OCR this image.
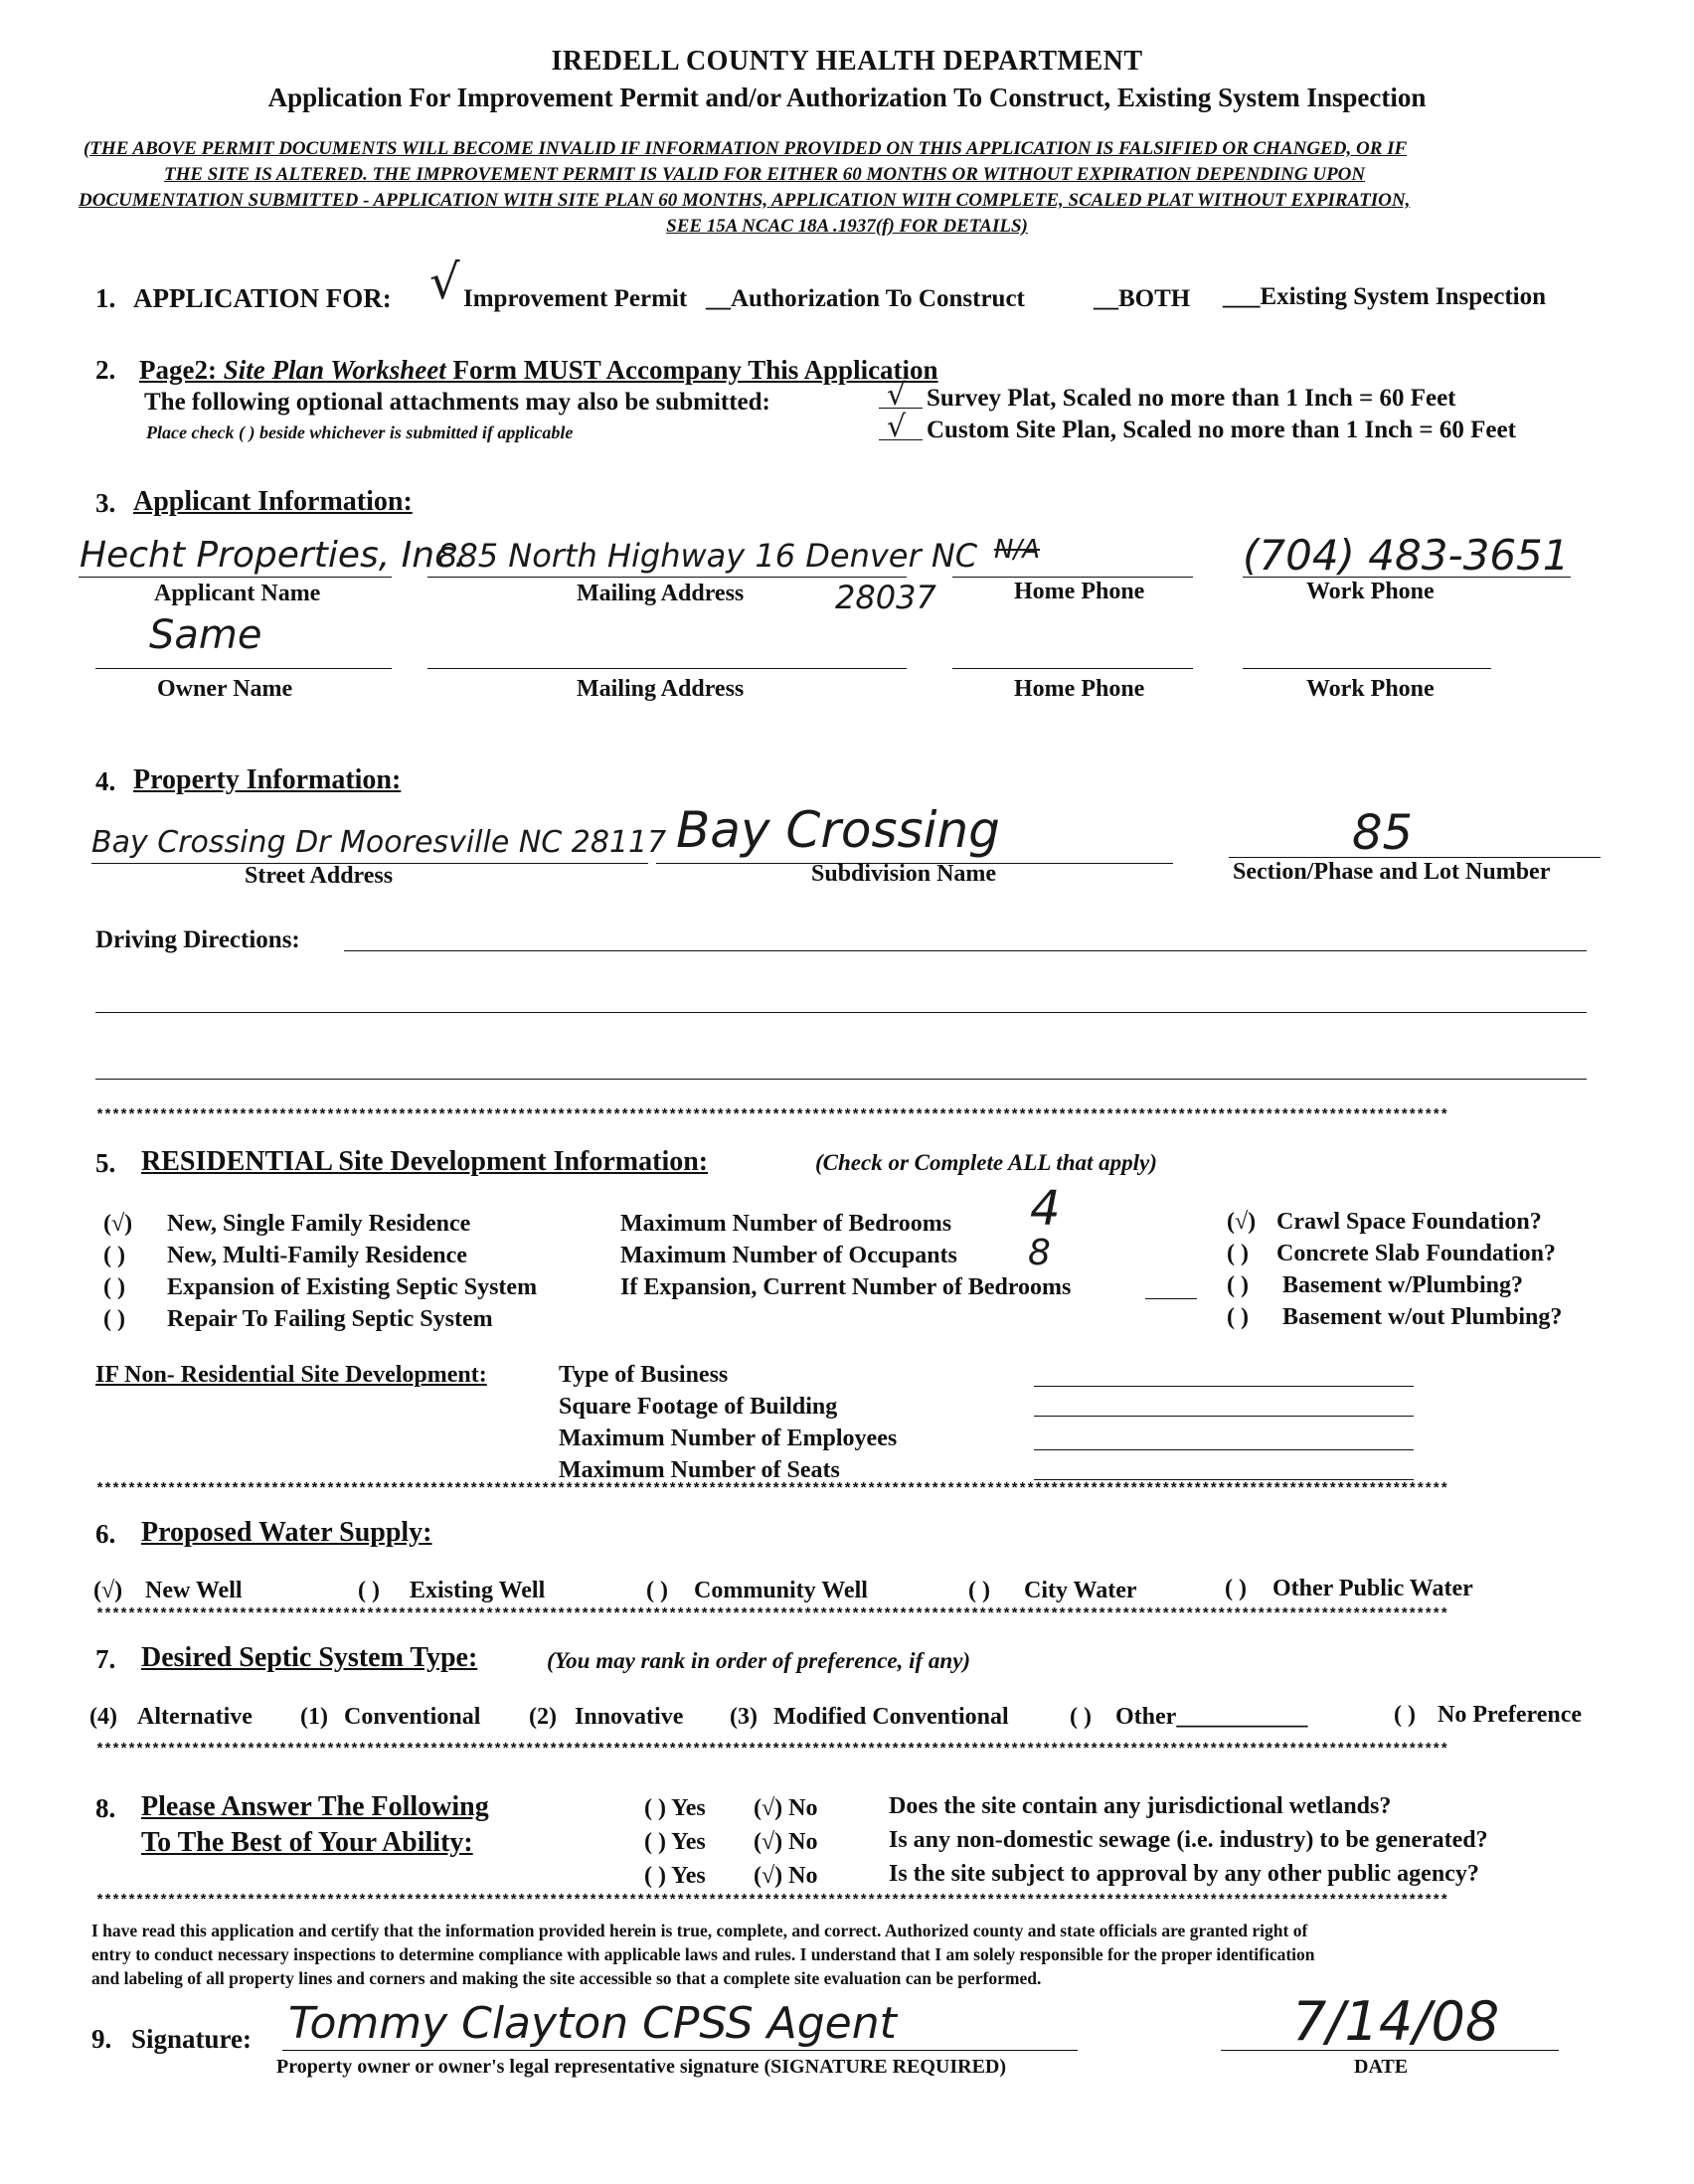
IREDELL COUNTY HEALTH DEPARTMENT
Application For Improvement Permit and/or Authorization To Construct, Existing System Inspection
(THE ABOVE PERMIT DOCUMENTS WILL BECOME INVALID IF INFORMATION PROVIDED ON THIS APPLICATION IS FALSIFIED OR CHANGED, OR IF
THE SITE IS ALTERED. THE IMPROVEMENT PERMIT IS VALID FOR EITHER 60 MONTHS OR WITHOUT EXPIRATION DEPENDING UPON
DOCUMENTATION SUBMITTED - APPLICATION WITH SITE PLAN 60 MONTHS, APPLICATION WITH COMPLETE, SCALED PLAT WITHOUT EXPIRATION,
SEE 15A NCAC 18A .1937(f) FOR DETAILS)
1. APPLICATION FOR: √ Improvement Permit __Authorization To Construct	__BOTH ___Existing System Inspection
2. Page2: Site Plan Worksheet Form MUST Accompany This Application
The following optional attachments may also be submitted:
Place check ( ) beside whichever is submitted if applicable
√ Survey Plat, Scaled no more than 1 Inch = 60 Feet
√ Custom Site Plan, Scaled no more than 1 Inch = 60 Feet
3. Applicant Information:
Hecht Properties, Inc.
885 North Highway 16 Denver NC
28037
N/A	(704) 483-3651
Applicant Name	Mailing Address	Home Phone	Work Phone
Same
Owner Name	Mailing Address	Home Phone	Work Phone
4. Property Information:
Bay Crossing Dr Mooresville NC 28117 Bay Crossing	85
Street Address	Subdivision Name	Section/Phase and Lot Number
Driving Directions:
**************************************************************************************************************************************************************************
5. RESIDENTIAL Site Development Information:	(Check or Complete ALL that apply)
(√) New, Single Family Residence
( ) New, Multi-Family Residence
( ) Expansion of Existing Septic System
( ) Repair To Failing Septic System
Maximum Number of Bedrooms 4
Maximum Number of Occupants 8
If Expansion, Current Number of Bedrooms
(√) Crawl Space Foundation?
( ) Concrete Slab Foundation?
( ) Basement w/Plumbing?
( ) Basement w/out Plumbing?
IF Non- Residential Site Development:	Type of Business
Square Footage of Building
Maximum Number of Employees
Maximum Number of Seats
**************************************************************************************************************************************************************************
6. Proposed Water Supply:
(√) New Well	( ) Existing Well	( ) Community Well	( ) City Water	( ) Other Public Water
**************************************************************************************************************************************************************************
7. Desired Septic System Type:	(You may rank in order of preference, if any)
(4) Alternative (1) Conventional (2) Innovative (3) Modified Conventional	( ) Other___________	( ) No Preference
**************************************************************************************************************************************************************************
8. Please Answer The Following
To The Best of Your Ability:
( ) Yes (√) No	Does the site contain any jurisdictional wetlands?
( ) Yes (√) No	Is any non-domestic sewage (i.e. industry) to be generated?
( ) Yes (√) No	Is the site subject to approval by any other public agency?
**************************************************************************************************************************************************************************
I have read this application and certify that the information provided herein is true, complete, and correct. Authorized county and state officials are granted right of
entry to conduct necessary inspections to determine compliance with applicable laws and rules. I understand that I am solely responsible for the proper identification
and labeling of all property lines and corners and making the site accessible so that a complete site evaluation can be performed.
9. Signature: Tommy Clayton CPSS Agent
Property owner or owner's legal representative signature (SIGNATURE REQUIRED)
7/14/08
DATE
